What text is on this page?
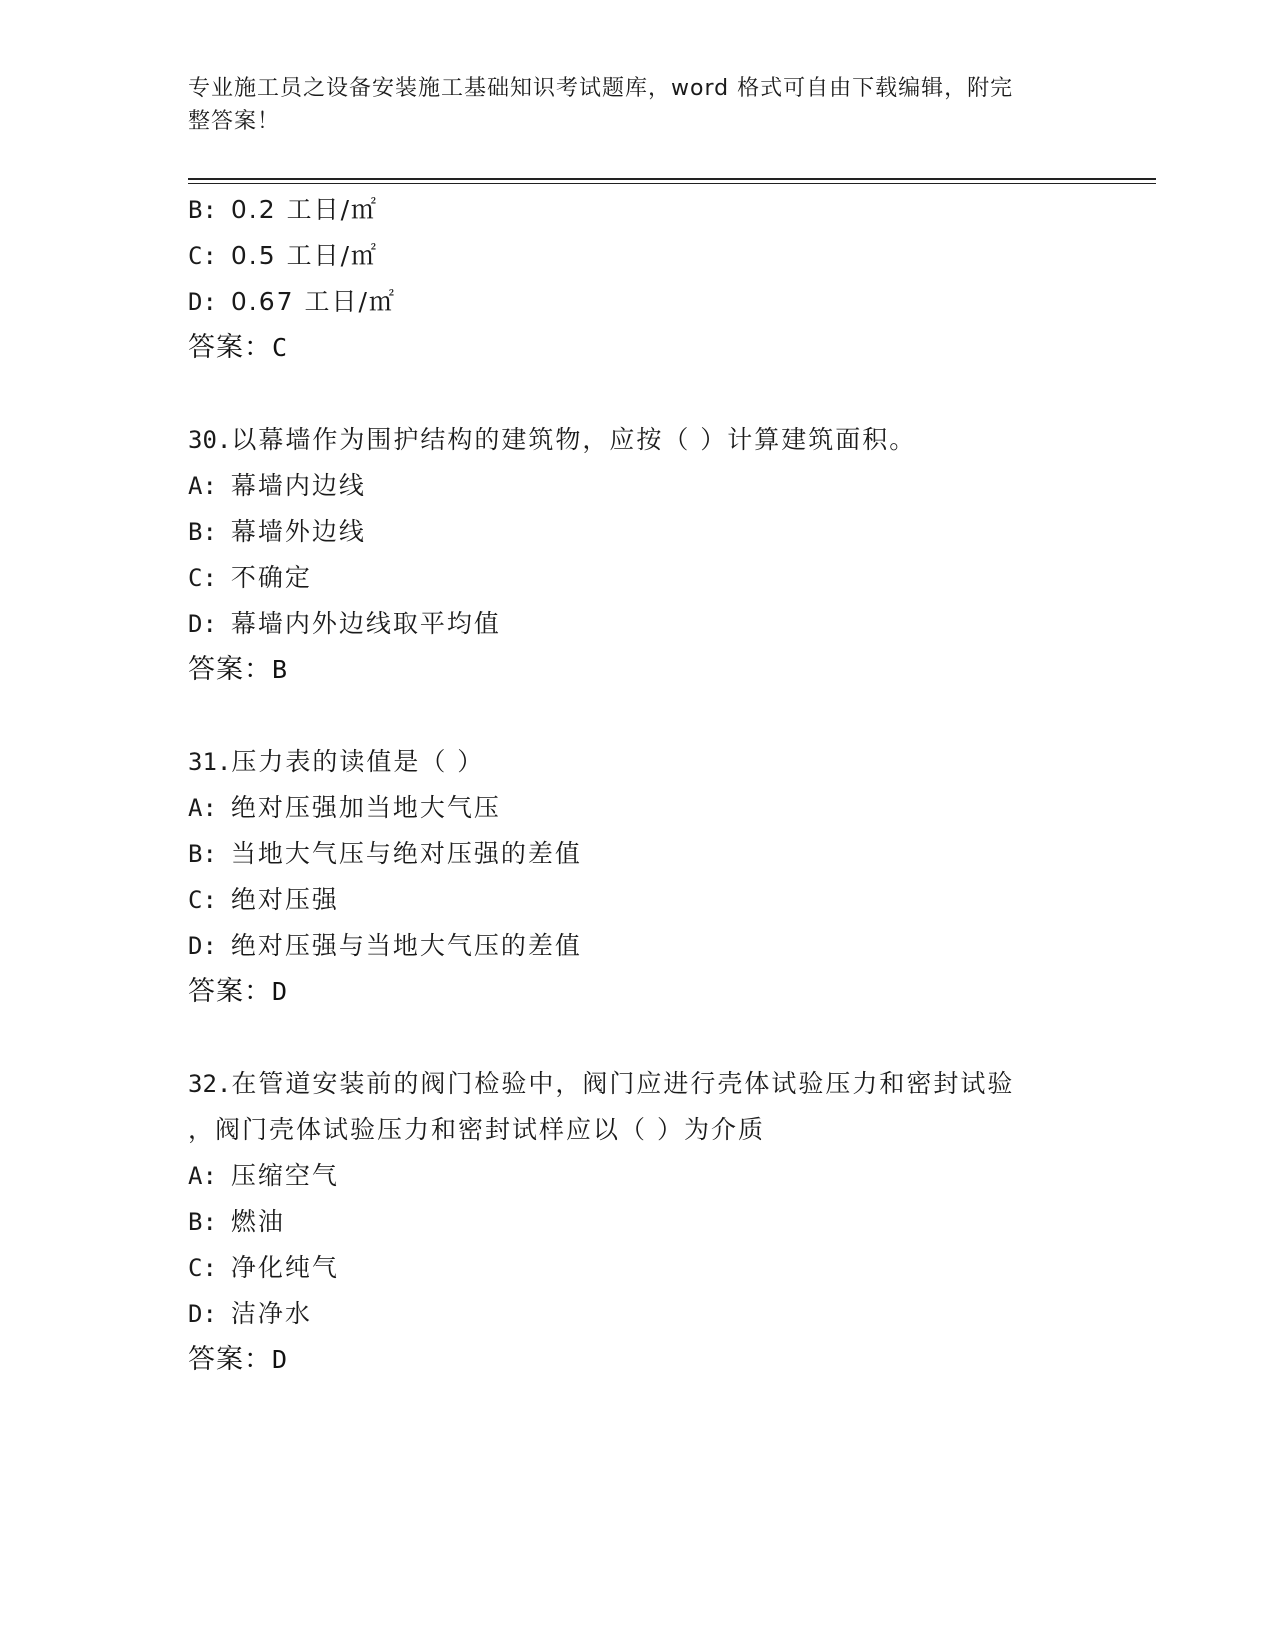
专业施工员之设备安装施工基础知识考试题库，word 格式可自由下载编辑，附完
整答案！
B: 0.2 工日/㎡
C: 0.5 工日/㎡
D: 0.67 工日/㎡
答案：C
30.以幕墙作为围护结构的建筑物，应按（ ）计算建筑面积。
A: 幕墙内边线
B: 幕墙外边线
C: 不确定
D: 幕墙内外边线取平均值
答案：B
31.压力表的读值是（ ）
A: 绝对压强加当地大气压
B: 当地大气压与绝对压强的差值
C: 绝对压强
D: 绝对压强与当地大气压的差值
答案：D
32.在管道安装前的阀门检验中，阀门应进行壳体试验压力和密封试验
，阀门壳体试验压力和密封试样应以（ ）为介质
A: 压缩空气
B: 燃油
C: 净化纯气
D: 洁净水
答案：D
